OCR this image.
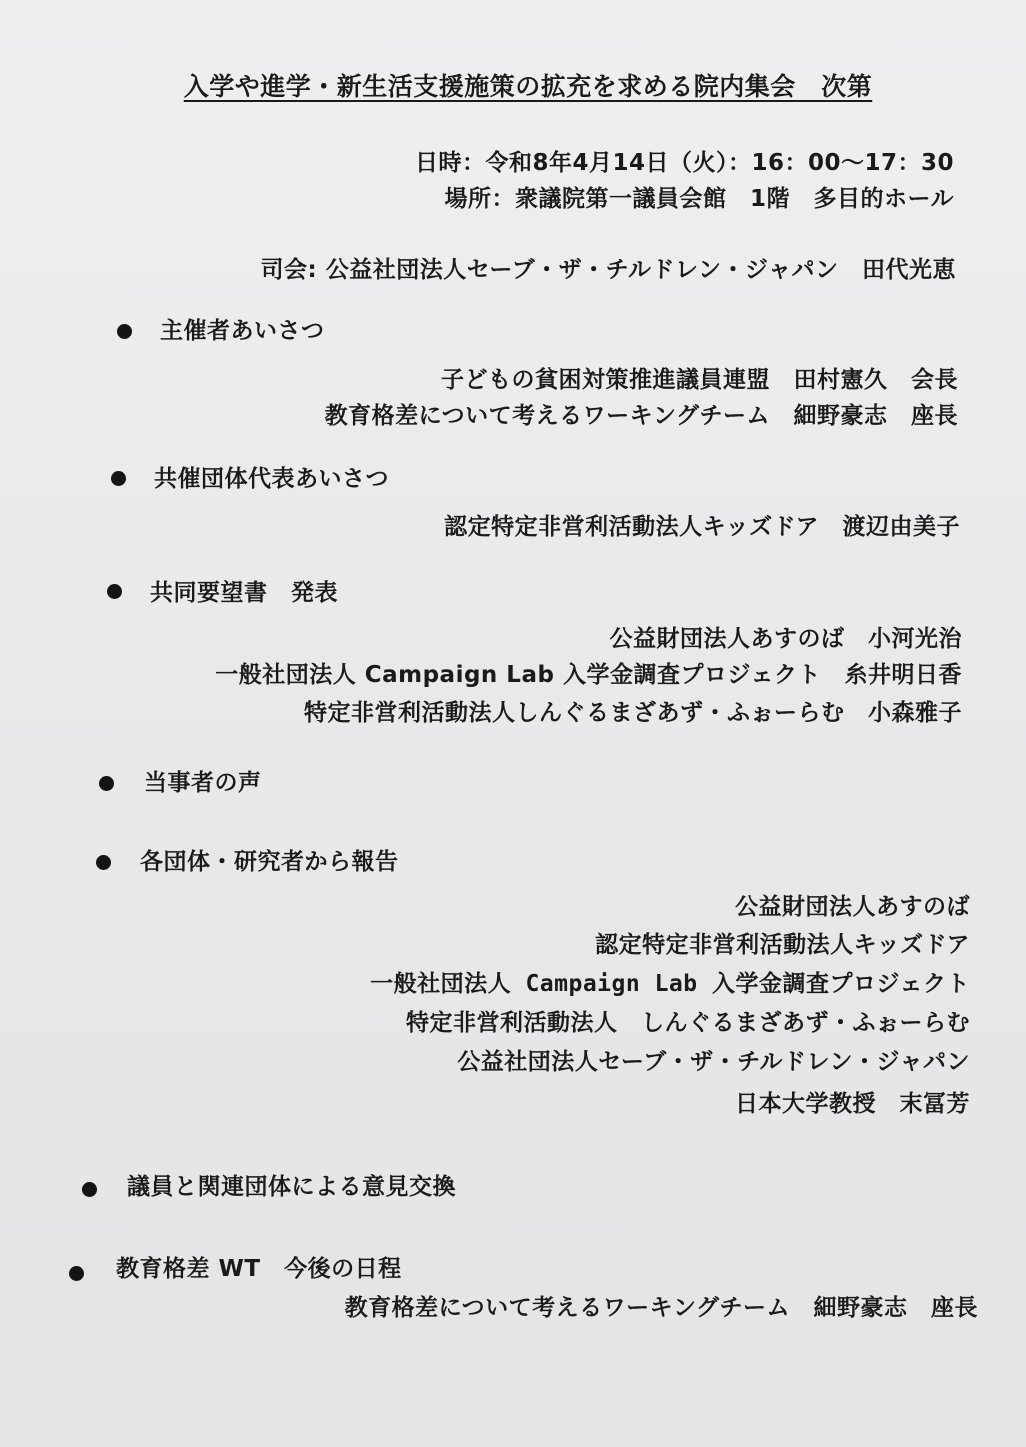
入学や進学・新生活支援施策の拡充を求める院内集会　次第
日時：令和8年4月14日（火）：16：00～17：30
場所：衆議院第一議員会館　1階　多目的ホール
司会: 公益社団法人セーブ・ザ・チルドレン・ジャパン　田代光恵
主催者あいさつ
子どもの貧困対策推進議員連盟　田村憲久　会長
教育格差について考えるワーキングチーム　細野豪志　座長
共催団体代表あいさつ
認定特定非営利活動法人キッズドア　渡辺由美子
共同要望書　発表
公益財団法人あすのば　小河光治
一般社団法人 Campaign Lab 入学金調査プロジェクト　糸井明日香
特定非営利活動法人しんぐるまざあず・ふぉーらむ　小森雅子
当事者の声
各団体・研究者から報告
公益財団法人あすのば
認定特定非営利活動法人キッズドア
一般社団法人 Campaign Lab 入学金調査プロジェクト
特定非営利活動法人　しんぐるまざあず・ふぉーらむ
公益社団法人セーブ・ザ・チルドレン・ジャパン
日本大学教授　末冨芳
議員と関連団体による意見交換
教育格差 WT　今後の日程
教育格差について考えるワーキングチーム　細野豪志　座長
